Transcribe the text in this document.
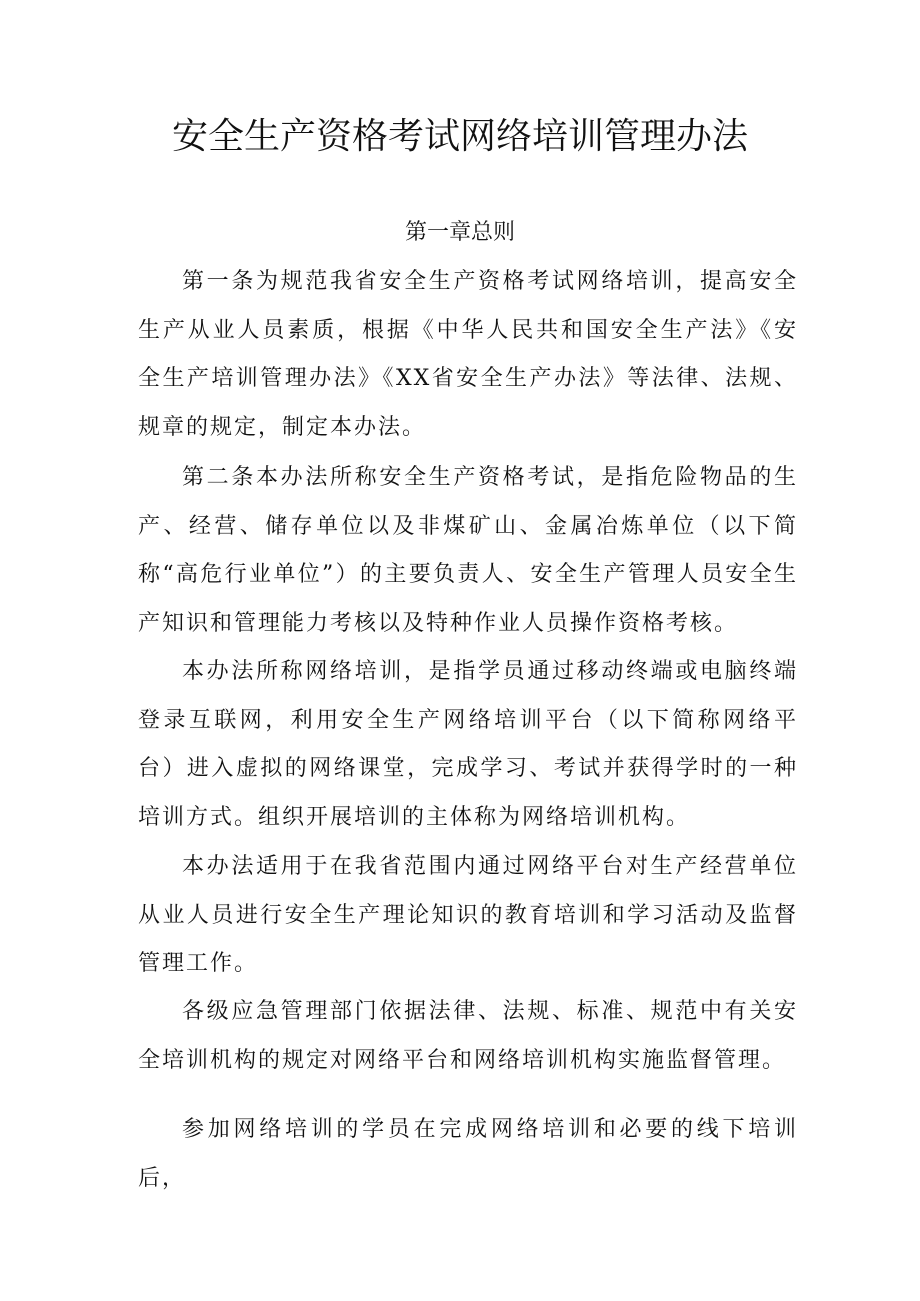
安全生产资格考试网络培训管理办法
第一章总则

第一条为规范我省安全生产资格考试网络培训，提高安全生产从业人员素质，根据《中华人民共和国安全生产法》《安全生产培训管理办法》《XX省安全生产办法》等法律、法规、规章的规定，制定本办法。

第二条本办法所称安全生产资格考试，是指危险物品的生产、经营、储存单位以及非煤矿山、金属冶炼单位（以下简称“高危行业单位”）的主要负责人、安全生产管理人员安全生产知识和管理能力考核以及特种作业人员操作资格考核。

本办法所称网络培训，是指学员通过移动终端或电脑终端登录互联网，利用安全生产网络培训平台（以下简称网络平台）进入虚拟的网络课堂，完成学习、考试并获得学时的一种培训方式。组织开展培训的主体称为网络培训机构。

本办法适用于在我省范围内通过网络平台对生产经营单位从业人员进行安全生产理论知识的教育培训和学习活动及监督管理工作。

各级应急管理部门依据法律、法规、标准、规范中有关安全培训机构的规定对网络平台和网络培训机构实施监督管理。

参加网络培训的学员在完成网络培训和必要的线下培训后，
